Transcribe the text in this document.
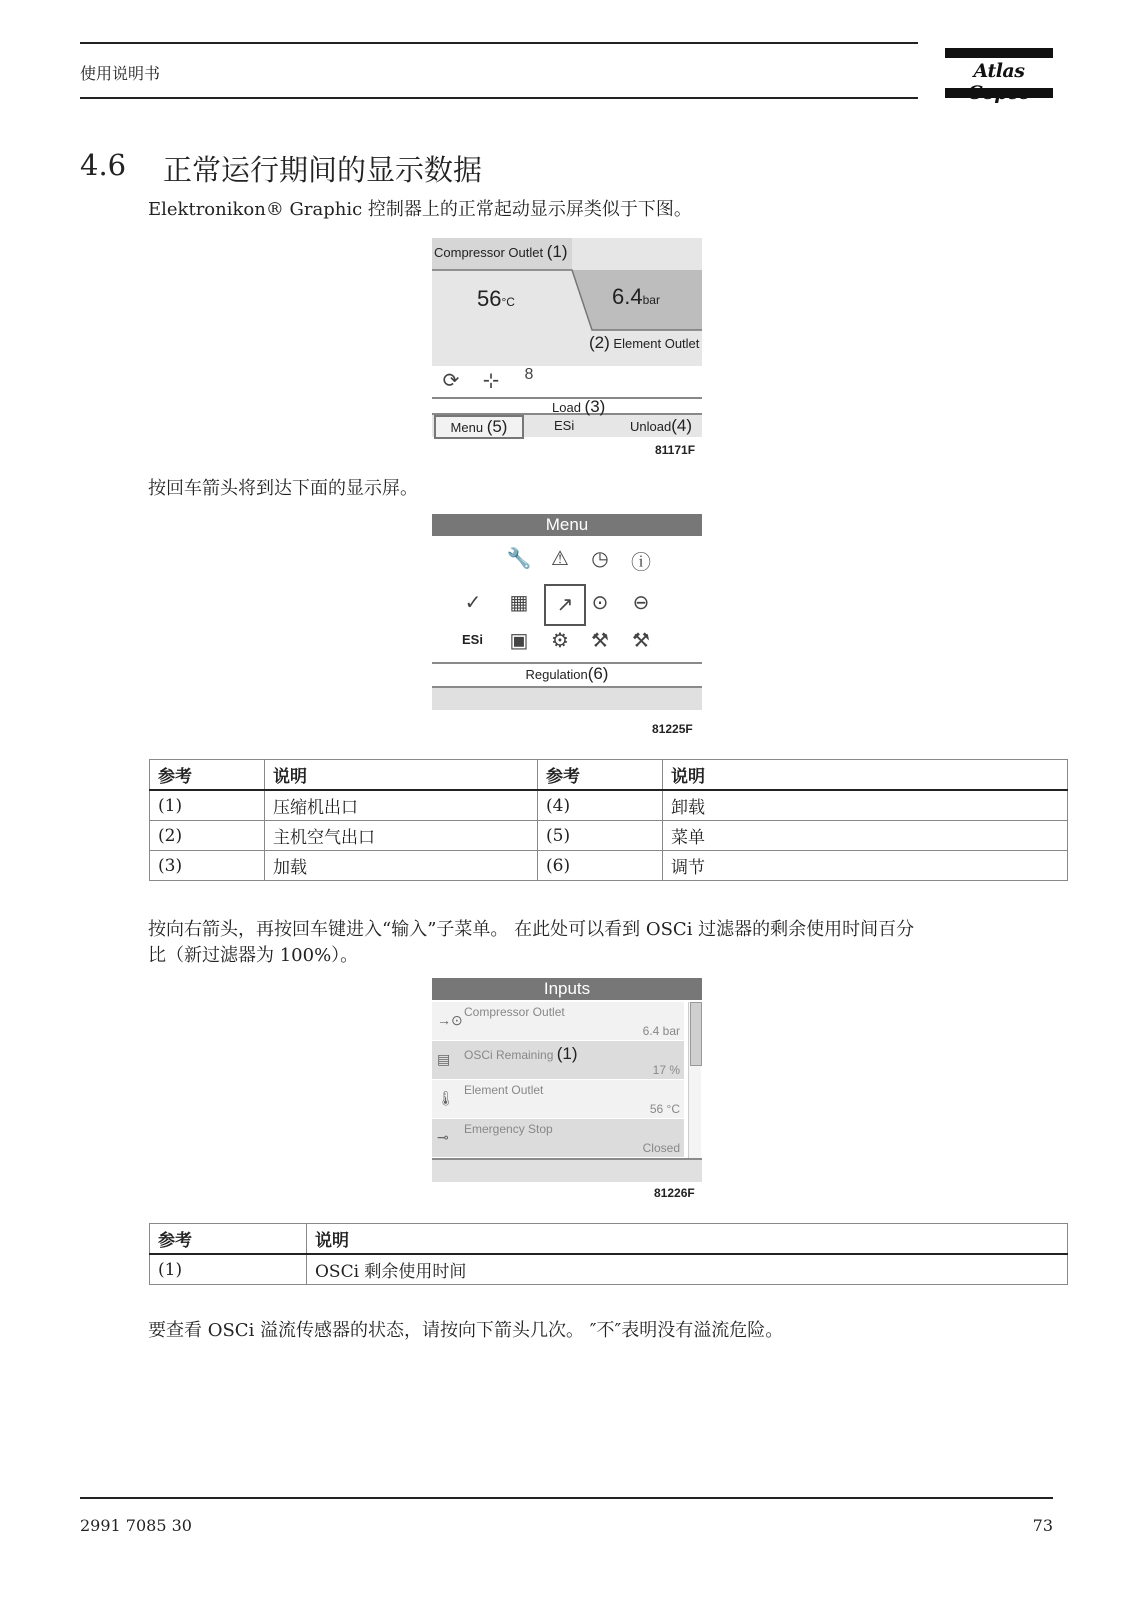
使用说明书	Atlas
4.6 正常运行期间的显示数据
Elektronikon® Graphic 控制器上的正常起动显示屏类似于下图。
Compressor Outlet (1)
56°C	6.4bar
(2) Element Outlet
⟳	⊹	8
Load (3)
Menu (5)	ESi	Unload(4)
81171F
按回车箭头将到达下面的显示屏。
Menu
🔧 ⚠	◷	ⓘ
✓	▦	↗ ⊙	⊖
ESi ▣	⚙	⚒	⚒
Regulation(6)
81225F
参考	说明	参考	说明
(1)	压缩机出口	(4)	卸载
(2)	主机空气出口	(5)	菜单
(3)	加载	(6)	调节
按向右箭头，再按回车键进入“输入”子菜单。 在此处可以看到 OSCi 过滤器的剩余使用时间百分
比（新过滤器为 100%）。
Inputs
→⊙ Compressor Outlet
6.4 bar
▤ OSCi Remaining (1)
17 %
🌡 Element Outlet
56 °C
⊸ Emergency Stop
Closed
81226F
参考	说明
(1)	OSCi 剩余使用时间
要查看 OSCi 溢流传感器的状态，请按向下箭头几次。 ″不″表明没有溢流危险。
2991 7085 30	73
